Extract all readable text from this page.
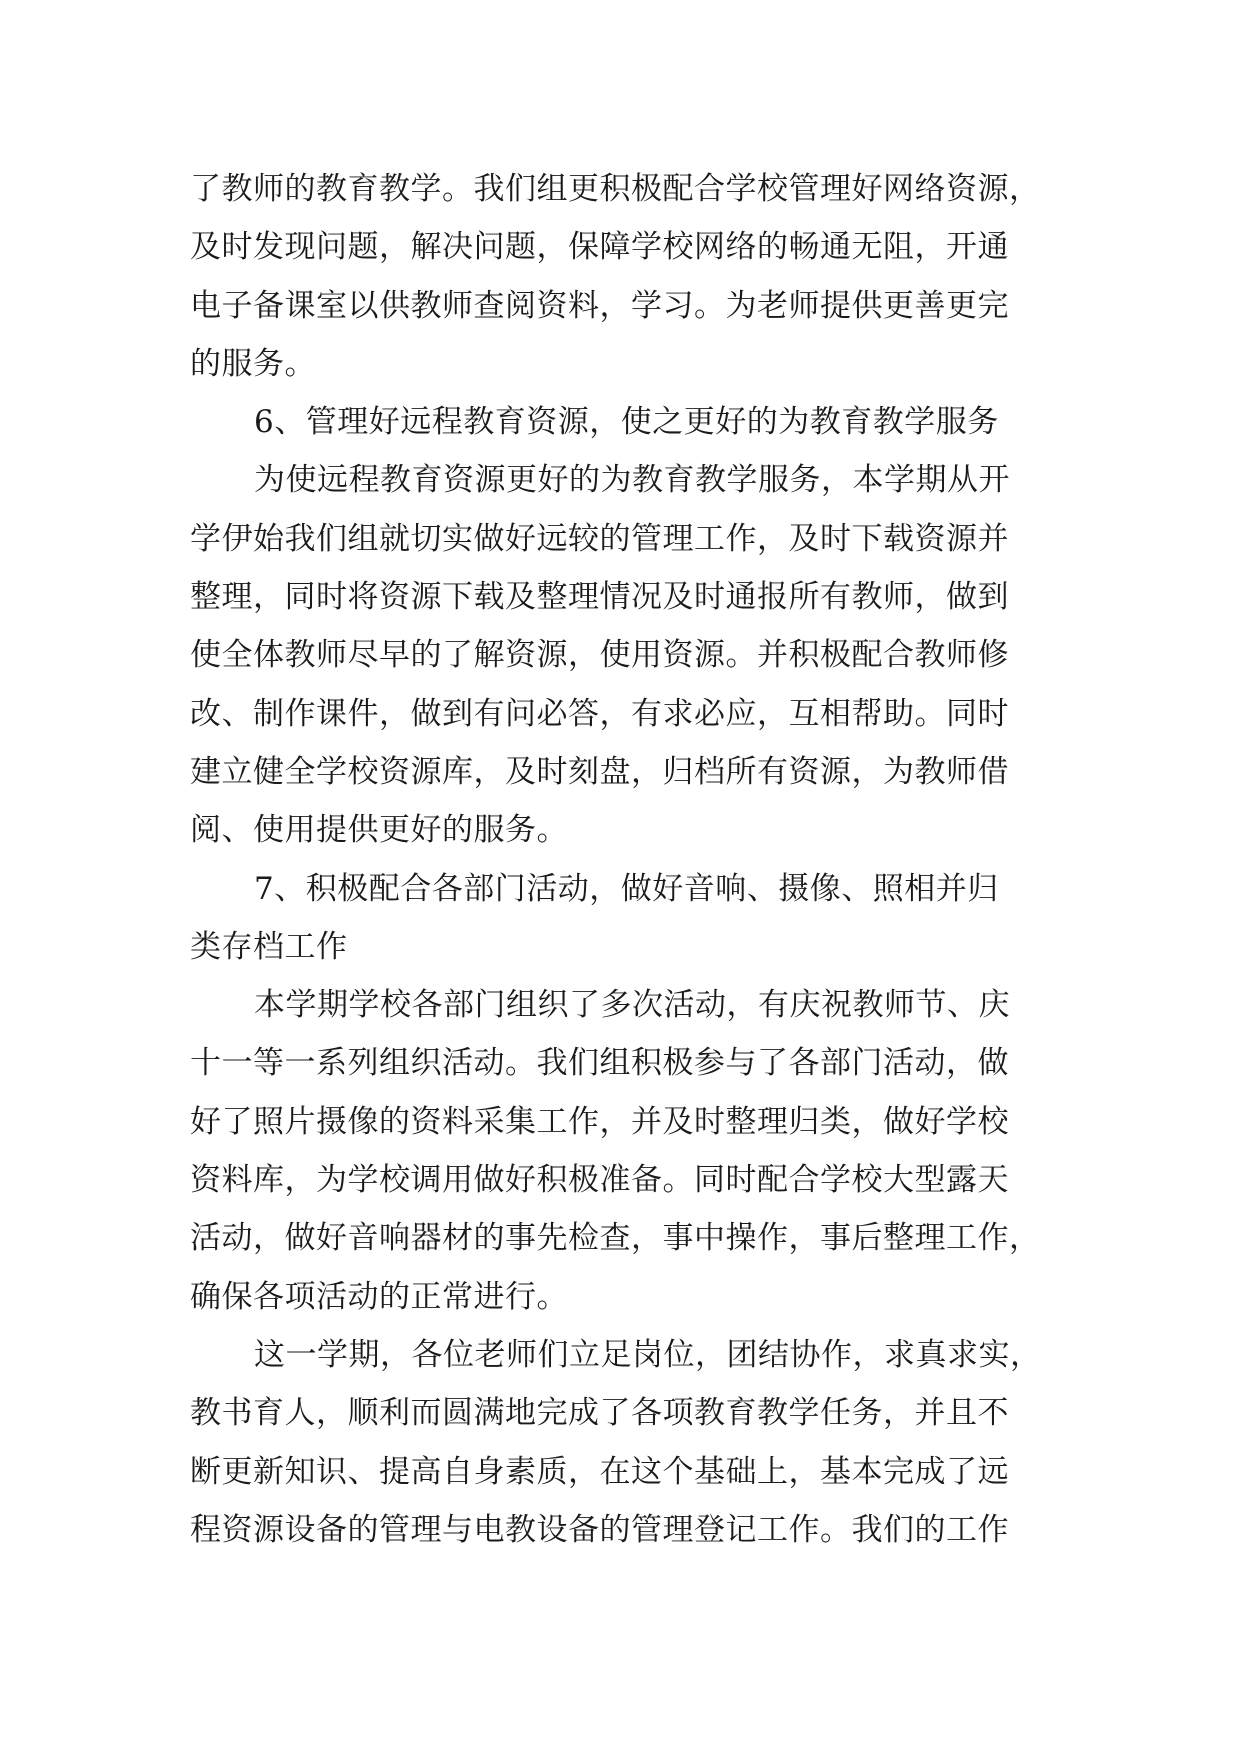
了教师的教育教学。我们组更积极配合学校管理好网络资源，
及时发现问题，解决问题，保障学校网络的畅通无阻，开通
电子备课室以供教师查阅资料，学习。为老师提供更善更完
的服务。
6、管理好远程教育资源，使之更好的为教育教学服务
为使远程教育资源更好的为教育教学服务，本学期从开
学伊始我们组就切实做好远较的管理工作，及时下载资源并
整理，同时将资源下载及整理情况及时通报所有教师，做到
使全体教师尽早的了解资源，使用资源。并积极配合教师修
改、制作课件，做到有问必答，有求必应，互相帮助。同时
建立健全学校资源库，及时刻盘，归档所有资源，为教师借
阅、使用提供更好的服务。
7、积极配合各部门活动，做好音响、摄像、照相并归
类存档工作
本学期学校各部门组织了多次活动，有庆祝教师节、庆
十一等一系列组织活动。我们组积极参与了各部门活动，做
好了照片摄像的资料采集工作，并及时整理归类，做好学校
资料库，为学校调用做好积极准备。同时配合学校大型露天
活动，做好音响器材的事先检查，事中操作，事后整理工作，
确保各项活动的正常进行。
这一学期，各位老师们立足岗位，团结协作，求真求实，
教书育人，顺利而圆满地完成了各项教育教学任务，并且不
断更新知识、提高自身素质，在这个基础上，基本完成了远
程资源设备的管理与电教设备的管理登记工作。我们的工作
